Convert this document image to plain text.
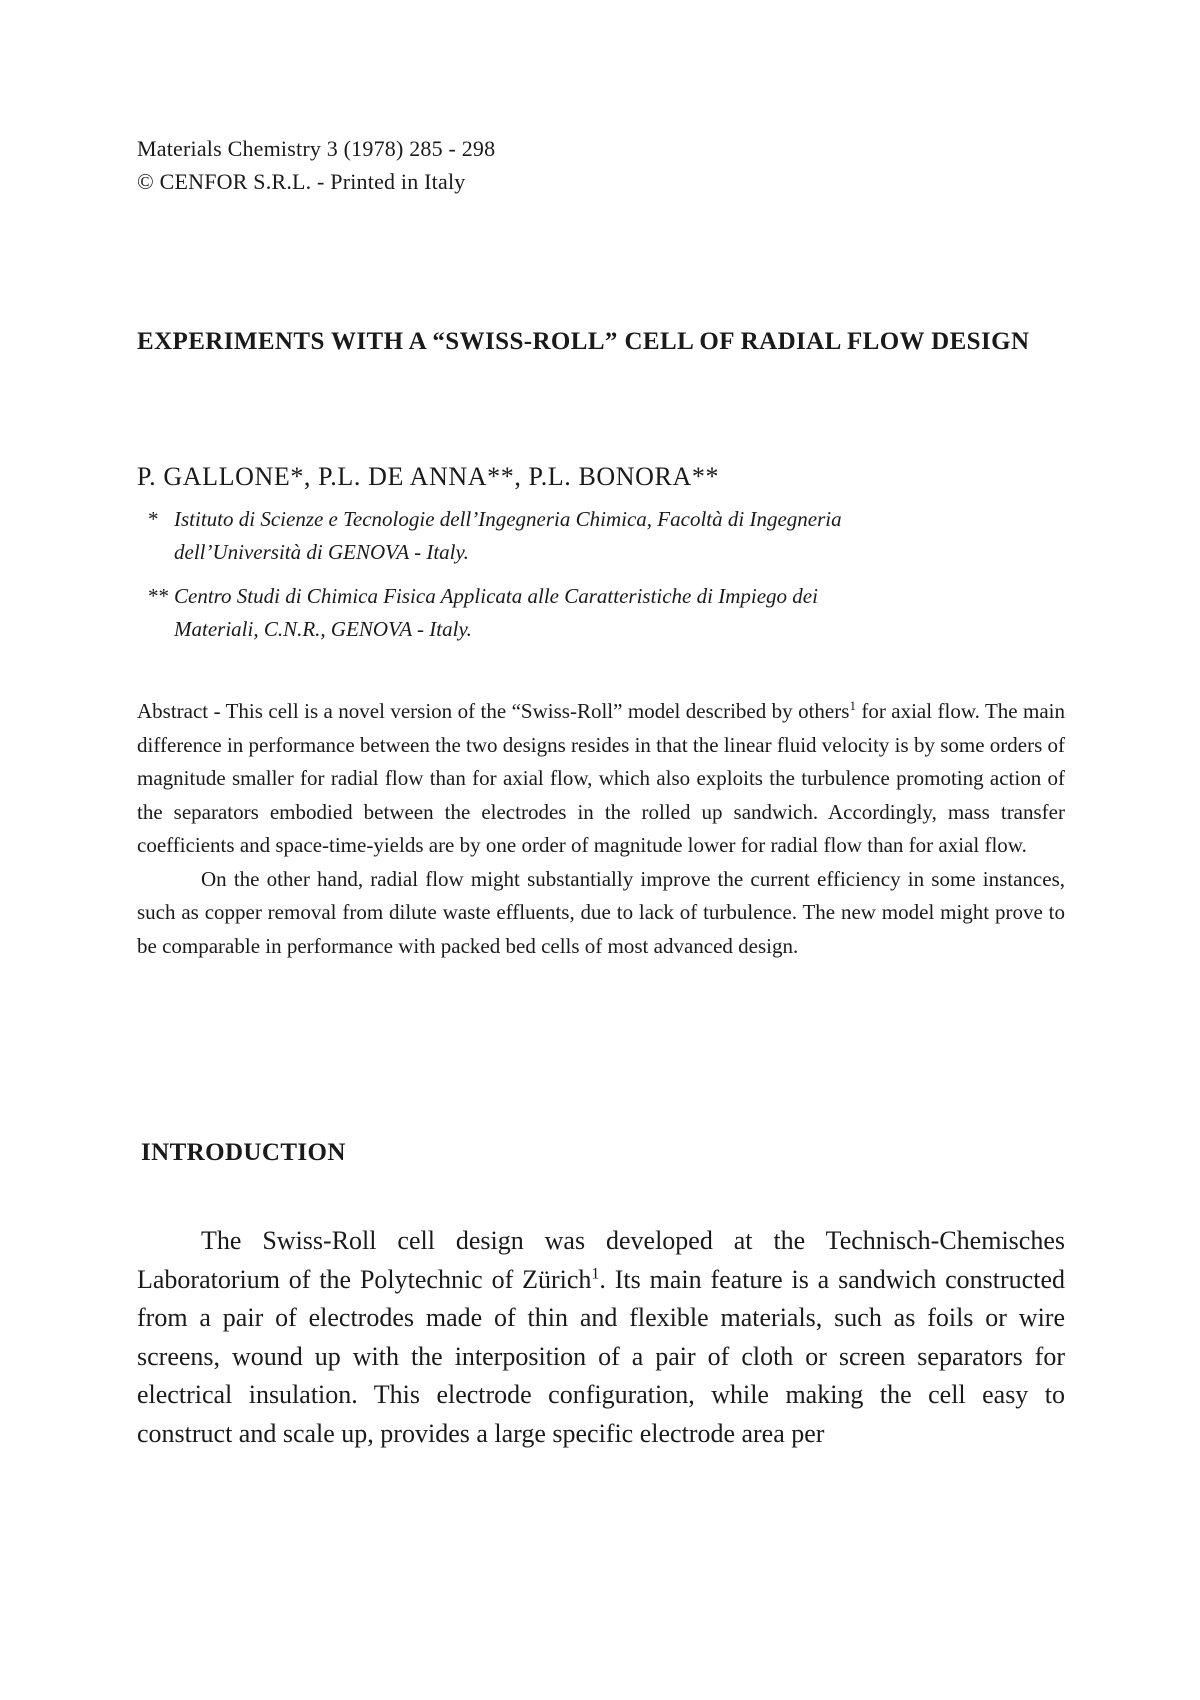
Materials Chemistry 3 (1978) 285 - 298
© CENFOR S.R.L. - Printed in Italy
EXPERIMENTS WITH A “SWISS-ROLL” CELL OF RADIAL FLOW DESIGN
P. GALLONE*, P.L. DE ANNA**, P.L. BONORA**
* Istituto di Scienze e Tecnologie dell’Ingegneria Chimica, Facoltà di Ingegneria
dell’Università di GENOVA - Italy.
** Centro Studi di Chimica Fisica Applicata alle Caratteristiche di Impiego dei
Materiali, C.N.R., GENOVA - Italy.

Abstract - This cell is a novel version of the “Swiss-Roll” model described by others$^1$ for axial flow. The main difference in performance between the two designs resides in that the linear fluid velocity is by some orders of magnitude smaller for radial flow than for axial flow, which also exploits the turbulence promoting action of the separators embodied between the electrodes in the rolled up sandwich. Accordingly, mass transfer coefficients and space-time-yields are by one order of magnitude lower for radial flow than for axial flow.

On the other hand, radial flow might substantially improve the current efficiency in some instances, such as copper removal from dilute waste effluents, due to lack of turbulence. The new model might prove to be comparable in performance with packed bed cells of most advanced design.

INTRODUCTION

The Swiss-Roll cell design was developed at the Technisch-Chemisches Laboratorium of the Polytechnic of Zürich$^1$. Its main feature is a sandwich constructed from a pair of electrodes made of thin and flexible materials, such as foils or wire screens, wound up with the interposition of a pair of cloth or screen separators for electrical insulation. This electrode configuration, while making the cell easy to construct and scale up, provides a large specific electrode area per
